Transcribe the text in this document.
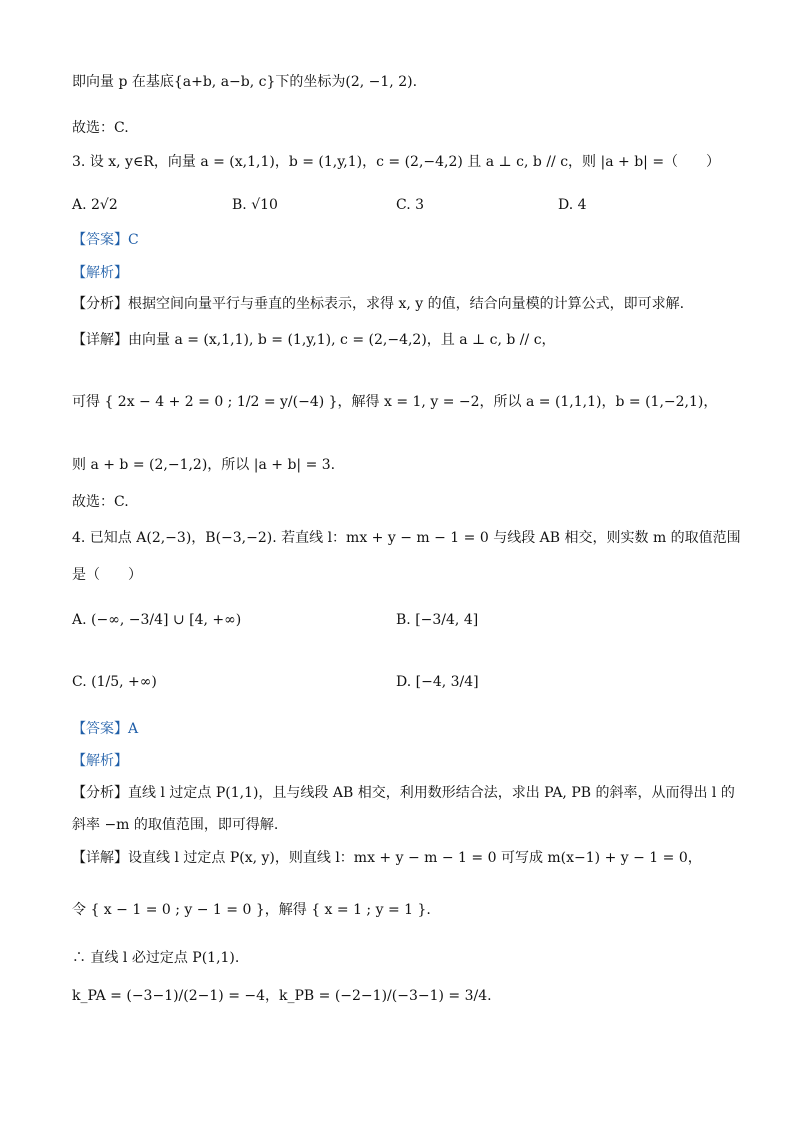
即向量 p 在基底{a+b, a−b, c}下的坐标为(2, −1, 2).
故选：C.
3. 设 x, y∈R，向量 a = (x,1,1)，b = (1,y,1)，c = (2,−4,2) 且 a ⊥ c, b // c，则 |a + b| =（　　）
A. 2√2	B. √10	C. 3	D. 4
【答案】C
【解析】
【分析】根据空间向量平行与垂直的坐标表示，求得 x, y 的值，结合向量模的计算公式，即可求解.
【详解】由向量 a = (x,1,1), b = (1,y,1), c = (2,−4,2)，且 a ⊥ c, b // c，
可得 { 2x − 4 + 2 = 0 ; 1/2 = y/(−4) }，解得 x = 1, y = −2，所以 a = (1,1,1)，b = (1,−2,1)，
则 a + b = (2,−1,2)，所以 |a + b| = 3.
故选：C.
4. 已知点 A(2,−3)，B(−3,−2). 若直线 l：mx + y − m − 1 = 0 与线段 AB 相交，则实数 m 的取值范围
是（　　）
A. (−∞, −3/4] ∪ [4, +∞)	B. [−3/4, 4]
C. (1/5, +∞)	D. [−4, 3/4]
【答案】A
【解析】
【分析】直线 l 过定点 P(1,1)，且与线段 AB 相交，利用数形结合法，求出 PA, PB 的斜率，从而得出 l 的
斜率 −m 的取值范围，即可得解.
【详解】设直线 l 过定点 P(x, y)，则直线 l：mx + y − m − 1 = 0 可写成 m(x−1) + y − 1 = 0，
令 { x − 1 = 0 ; y − 1 = 0 }，解得 { x = 1 ; y = 1 }.
∴ 直线 l 必过定点 P(1,1).
k_PA = (−3−1)/(2−1) = −4，k_PB = (−2−1)/(−3−1) = 3/4.
